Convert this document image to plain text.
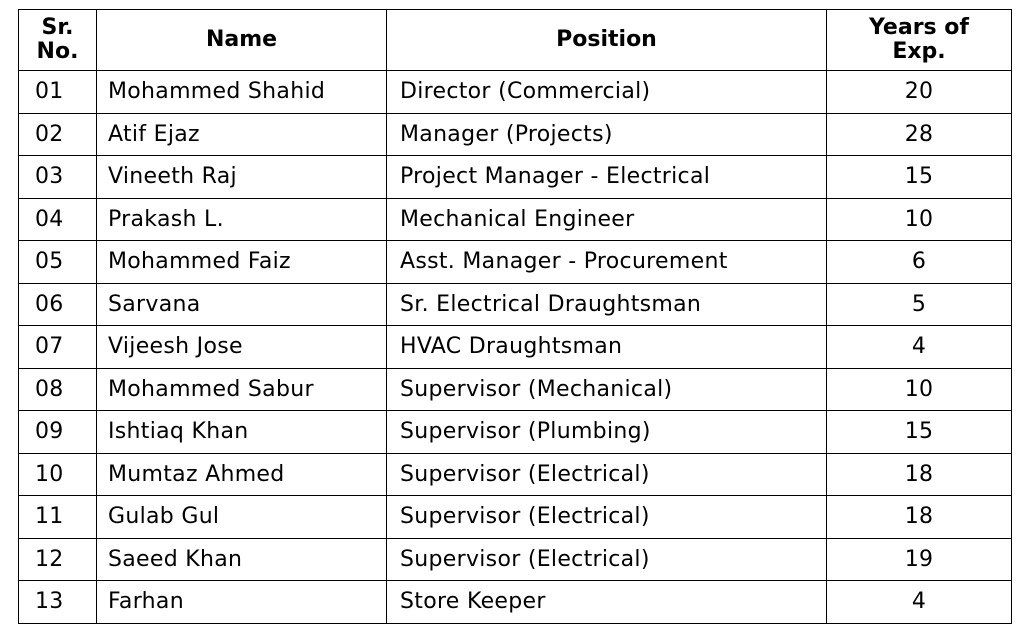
Sr.
No.	Name	Position	Years of
Exp.

01	Mohammed Shahid	Director (Commercial)	20
02	Atif Ejaz	Manager (Projects)	28
03	Vineeth Raj	Project Manager - Electrical	15
04	Prakash L.	Mechanical Engineer	10
05	Mohammed Faiz	Asst. Manager - Procurement	6
06	Sarvana	Sr. Electrical Draughtsman	5
07	Vijeesh Jose	HVAC Draughtsman	4
08	Mohammed Sabur	Supervisor (Mechanical)	10
09	Ishtiaq Khan	Supervisor (Plumbing)	15
10	Mumtaz Ahmed	Supervisor (Electrical)	18
11	Gulab Gul	Supervisor (Electrical)	18
12	Saeed Khan	Supervisor (Electrical)	19
13	Farhan	Store Keeper	4
